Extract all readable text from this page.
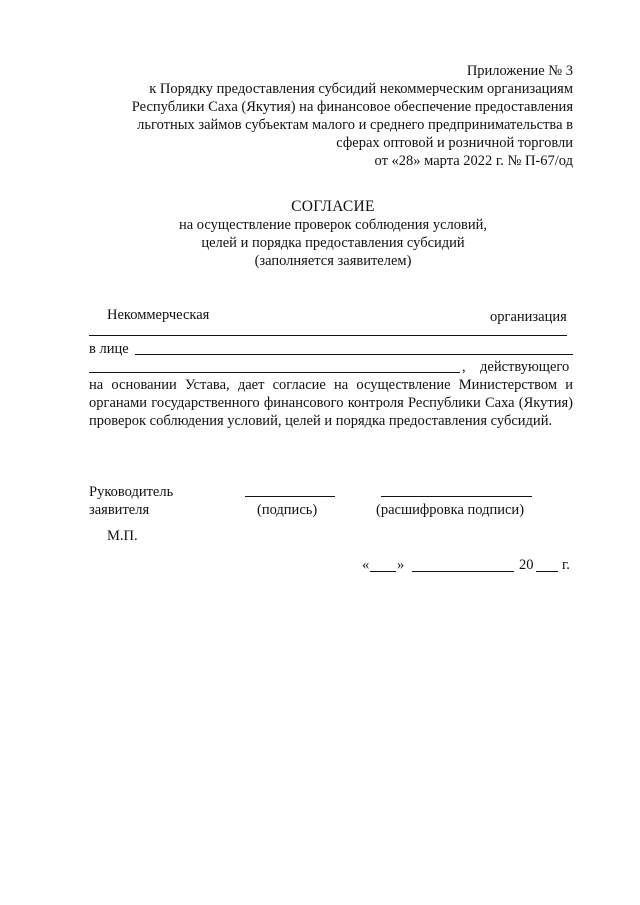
Приложение № 3
к Порядку предоставления субсидий некоммерческим организациям
Республики Саха (Якутия) на финансовое обеспечение предоставления
льготных займов субъектам малого и среднего предпринимательства в
сферах оптовой и розничной торговли
от «28» марта 2022 г. № П-67/од
СОГЛАСИЕ
на осуществление проверок соблюдения условий,
целей и порядка предоставления субсидий
(заполняется заявителем)
Некоммерческая	организация
в лице
, действующего
на основании Устава, дает согласие на осуществление Министерством и органами государственного финансового контроля Республики Саха (Якутия) проверок соблюдения условий, целей и порядка предоставления субсидий.
Руководитель
заявителя	(подпись)	(расшифровка подписи)
М.П.
« »	20 г.
